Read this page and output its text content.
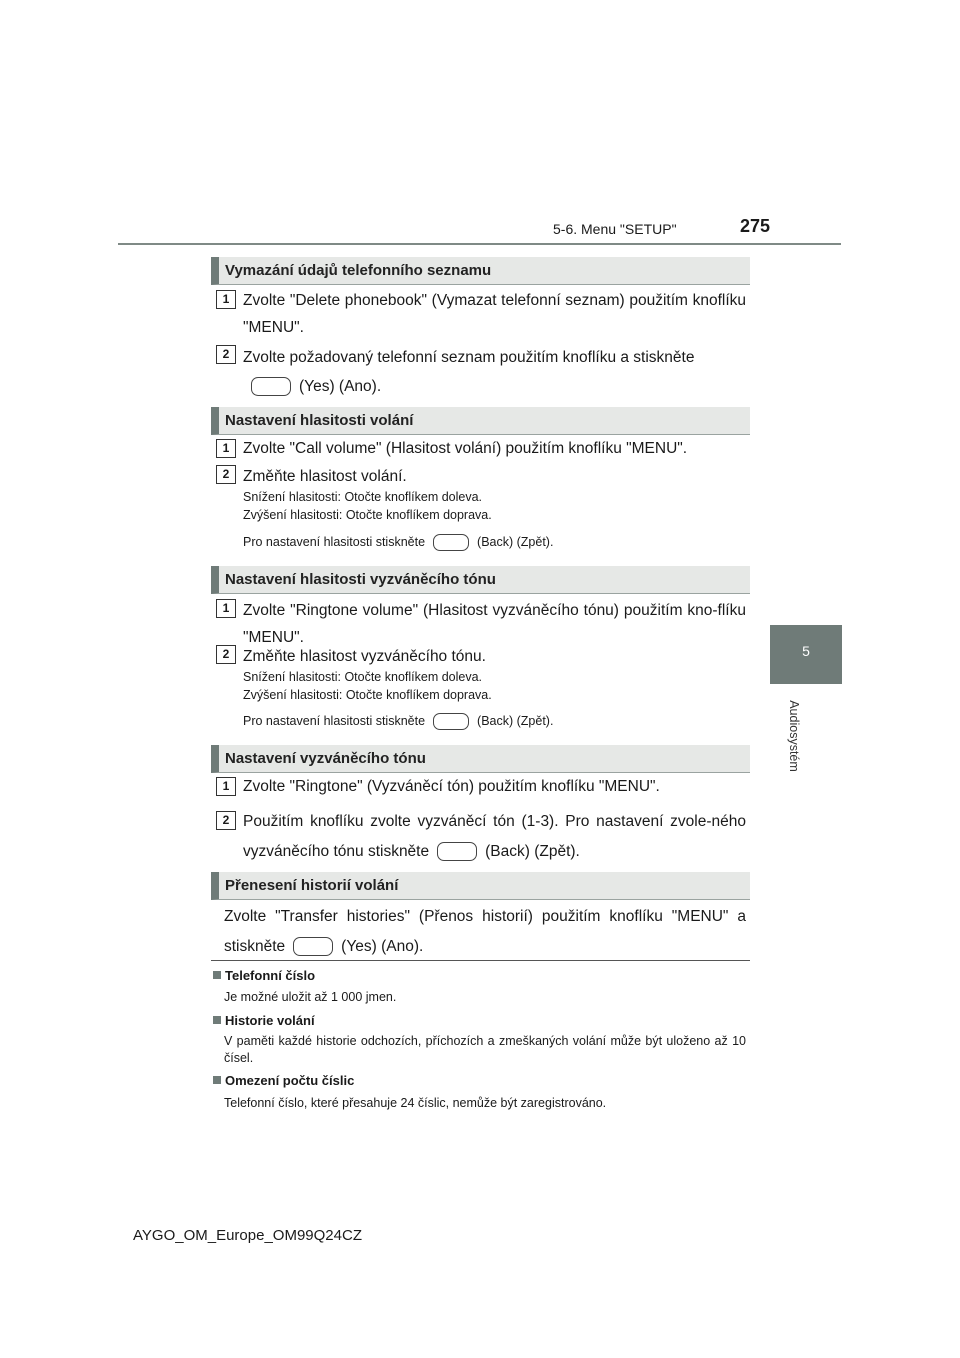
5-6. Menu "SETUP"	275
5
Audiosystém
Vymazání údajů telefonního seznamu
1 Zvolte "Delete phonebook" (Vymazat telefonní seznam) použitím knoflíku "MENU".
2 Zvolte požadovaný telefonní seznam použitím knoflíku a stiskněte
(Yes) (Ano).
Nastavení hlasitosti volání
1 Zvolte "Call volume" (Hlasitost volání) použitím knoflíku "MENU".
2 Změňte hlasitost volání.
Snížení hlasitosti: Otočte knoflíkem doleva.
Zvýšení hlasitosti: Otočte knoflíkem doprava.
Pro nastavení hlasitosti stiskněte	(Back) (Zpět).
Nastavení hlasitosti vyzváněcího tónu
1 Zvolte "Ringtone volume" (Hlasitost vyzváněcího tónu) použitím kno-flíku "MENU".
2 Změňte hlasitost vyzváněcího tónu.
Snížení hlasitosti: Otočte knoflíkem doleva.
Zvýšení hlasitosti: Otočte knoflíkem doprava.
Pro nastavení hlasitosti stiskněte	(Back) (Zpět).
Nastavení vyzváněcího tónu
1 Zvolte "Ringtone" (Vyzváněcí tón) použitím knoflíku "MENU".
2 Použitím knoflíku zvolte vyzváněcí tón (1-3). Pro nastavení zvole-ného vyzváněcího tónu stiskněte	(Back) (Zpět).
Přenesení historií volání
Zvolte "Transfer histories" (Přenos historií) použitím knoflíku "MENU" a stiskněte	(Yes) (Ano).
Telefonní číslo
Je možné uložit až 1 000 jmen.
Historie volání
V paměti každé historie odchozích, příchozích a zmeškaných volání může být uloženo až 10 čísel.
Omezení počtu číslic
Telefonní číslo, které přesahuje 24 číslic, nemůže být zaregistrováno.
AYGO_OM_Europe_OM99Q24CZ
